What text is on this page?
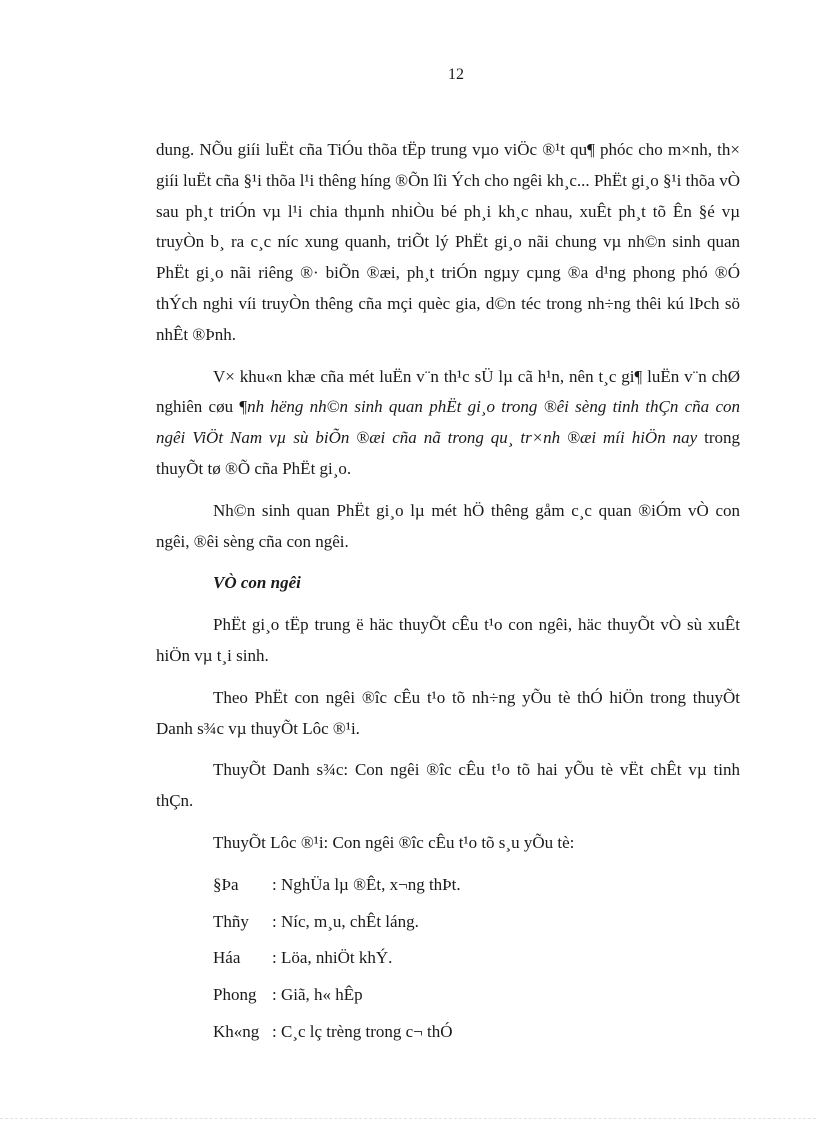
12

dung. NÕu giíi luËt cña TiÓu thõa tËp trung vµo viÖc ®¹t qu¶ phóc cho m×nh, th× giíi luËt cña §¹i thõa l¹i thêng híng ®Õn lîi Ých cho ngêi kh¸c... PhËt gi¸o §¹i thõa vÒ sau ph¸t triÓn vµ l¹i chia thµnh nhiÒu bé ph¸i kh¸c nhau, xuÊt ph¸t tõ Ên §é vµ truyÒn b¸ ra c¸c níc xung quanh, triÕt lý PhËt gi¸o nãi chung vµ nh©n sinh quan PhËt gi¸o nãi riêng ®· biÕn ®æi, ph¸t triÓn ngµy cµng ®a d¹ng phong phó ®Ó thÝch nghi víi truyÒn thêng cña mçi quèc gia, d©n téc trong nh÷ng thêi kú lÞch sö nhÊt ®Þnh.

V× khu«n khæ cña mét luËn v¨n th¹c sÜ lµ cã h¹n, nên t¸c gi¶ luËn v¨n chØ nghiên cøu ¶nh hëng nh©n sinh quan phËt gi¸o trong ®êi sèng tinh thÇn cña con ngêi ViÖt Nam vµ sù biÕn ®æi cña nã trong qu¸ tr×nh ®æi míi hiÖn nay trong thuyÕt tø ®Õ cña PhËt gi¸o.

Nh©n sinh quan PhËt gi¸o lµ mét hÖ thêng gåm c¸c quan ®iÓm vÒ con ngêi, ®êi sèng cña con ngêi.

VÒ con ngêi

PhËt gi¸o tËp trung ë häc thuyÕt cÊu t¹o con ngêi, häc thuyÕt vÒ sù xuÊt hiÖn vµ t¸i sinh.

Theo PhËt con ngêi ®îc cÊu t¹o tõ nh÷ng yÕu tè thÓ hiÖn trong thuyÕt Danh s¾c vµ thuyÕt Lôc ®¹i.

ThuyÕt Danh s¾c: Con ngêi ®îc cÊu t¹o tõ hai yÕu tè vËt chÊt vµ tinh thÇn.

ThuyÕt Lôc ®¹i: Con ngêi ®îc cÊu t¹o tõ s¸u yÕu tè:

§Þa	: NghÜa lµ ®Êt, x¬ng thÞt.
Thñy	: Níc, m¸u, chÊt láng.
Háa	: Löa, nhiÖt khÝ.
Phong : Giã, h« hÊp
Kh«ng : C¸c lç trèng trong c¬ thÓ
